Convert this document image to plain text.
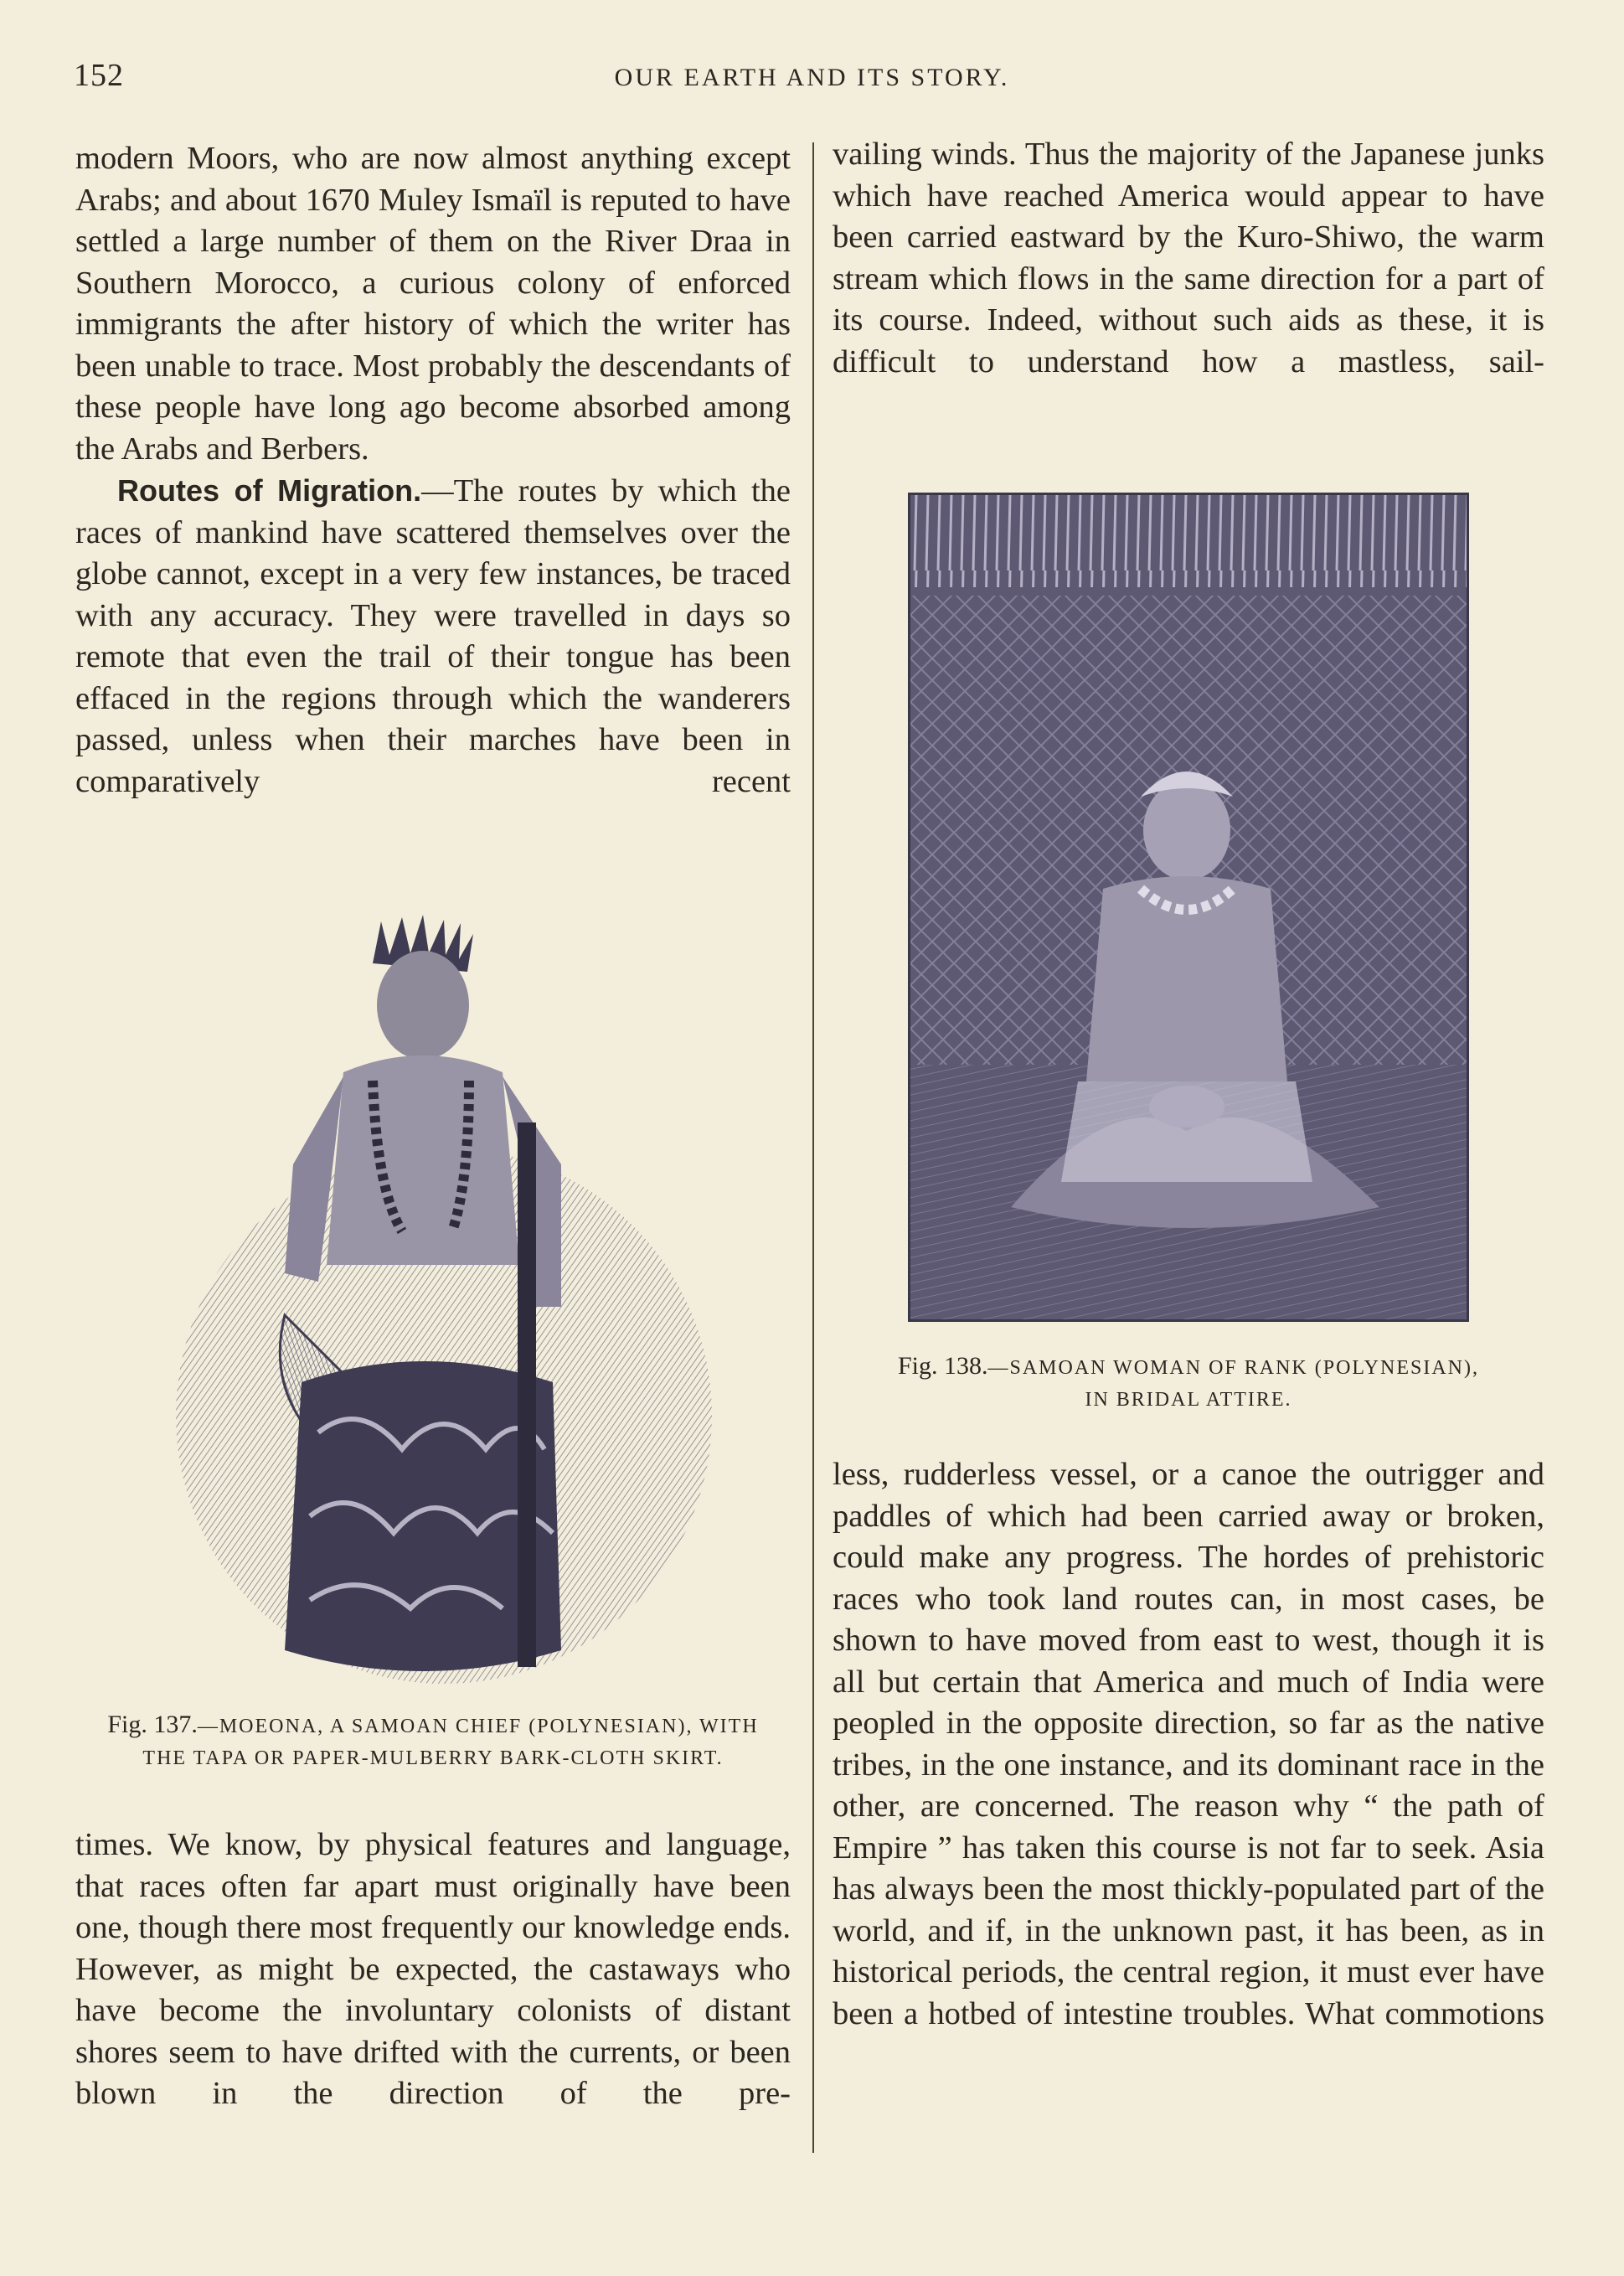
152	OUR EARTH AND ITS STORY.

modern Moors, who are now almost anything except Arabs; and about 1670 Muley Ismaïl is reputed to have settled a large number of them on the River Draa in Southern Morocco, a curious colony of enforced immigrants the after history of which the writer has been unable to trace. Most probably the descendants of these people have long ago become absorbed among the Arabs and Berbers.

Routes of Migration.—The routes by which the races of mankind have scattered themselves over the globe cannot, except in a very few instances, be traced with any accuracy. They were travelled in days so remote that even the trail of their tongue has been effaced in the regions through which the wanderers passed, unless when their marches have been in comparatively recent

Fig. 137.—MOEONA, A SAMOAN CHIEF (POLYNESIAN), WITH

THE TAPA OR PAPER-MULBERRY BARK-CLOTH SKIRT.

times. We know, by physical features and language, that races often far apart must originally have been one, though there most frequently our knowledge ends. However, as might be expected, the castaways who have become the involuntary colonists of distant shores seem to have drifted with the currents, or been blown in the direction of the pre-

vailing winds. Thus the majority of the Japanese junks which have reached America would appear to have been carried eastward by the Kuro-Shiwo, the warm stream which flows in the same direction for a part of its course. Indeed, without such aids as these, it is difficult to understand how a mastless, sail-

Fig. 138.—SAMOAN WOMAN OF RANK (POLYNESIAN),

IN BRIDAL ATTIRE.

less, rudderless vessel, or a canoe the outrigger and paddles of which had been carried away or broken, could make any progress. The hordes of prehistoric races who took land routes can, in most cases, be shown to have moved from east to west, though it is all but certain that America and much of India were peopled in the opposite direction, so far as the native tribes, in the one instance, and its dominant race in the other, are concerned. The reason why “ the path of Empire ” has taken this course is not far to seek. Asia has always been the most thickly-populated part of the world, and if, in the unknown past, it has been, as in historical periods, the central region, it must ever have been a hotbed of intestine troubles. What commotions
